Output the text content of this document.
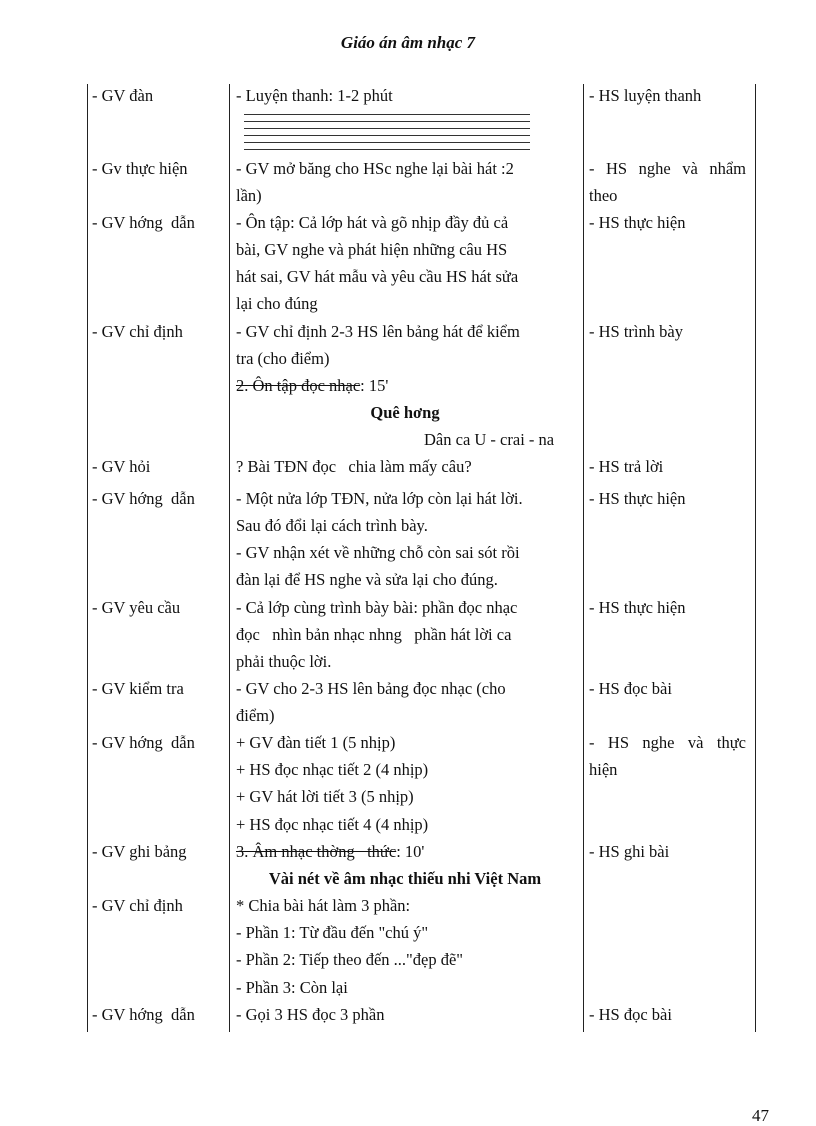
Giáo án âm nhạc 7
- GV đàn
- Gv thực hiện
- GV hớng  dẫn
- GV chỉ định
- GV hỏi
- GV hớng  dẫn
- GV yêu cầu
- GV kiểm tra
- GV hớng  dẫn
- GV ghi bảng
- GV chỉ định
- GV hớng  dẫn
- Luyện thanh: 1-2 phút
- GV mở băng cho HSc nghe lại bài hát :2
lần)
- Ôn tập: Cả lớp hát và gõ nhịp đầy đủ cả
bài, GV nghe và phát hiện những câu HS
hát sai, GV hát mẫu và yêu cầu HS hát sửa
lại cho đúng
- GV chỉ định 2-3 HS lên bảng hát để kiểm
tra (cho điểm)
2. Ôn tập đọc nhạc: 15'
Quê hơng
Dân ca U - crai - na
? Bài TĐN đọc   chia làm mấy câu?
- Một nửa lớp TĐN, nửa lớp còn lại hát lời.
Sau đó đổi lại cách trình bày.
- GV nhận xét về những chỗ còn sai sót rồi
đàn lại để HS nghe và sửa lại cho đúng.
- Cả lớp cùng trình bày bài: phần đọc nhạc
đọc   nhìn bản nhạc nhng   phần hát lời ca
phải thuộc lời.
- GV cho 2-3 HS lên bảng đọc nhạc (cho
điểm)
+ GV đàn tiết 1 (5 nhịp)
+ HS đọc nhạc tiết 2 (4 nhịp)
+ GV hát lời tiết 3 (5 nhịp)
+ HS đọc nhạc tiết 4 (4 nhịp)
3. Âm nhạc thờng   thức: 10'
Vài nét về âm nhạc thiếu nhi Việt Nam
* Chia bài hát làm 3 phần:
- Phần 1: Từ đầu đến "chú ý"
- Phần 2: Tiếp theo đến ..."đẹp đẽ"
- Phần 3: Còn lại
- Gọi 3 HS đọc 3 phần
- HS luyện thanh
- HS nghe và nhẩm
theo
- HS thực hiện
- HS trình bày
- HS trả lời
- HS thực hiện
- HS thực hiện
- HS đọc bài
- HS nghe và thực
hiện
- HS ghi bài
- HS đọc bài
47
